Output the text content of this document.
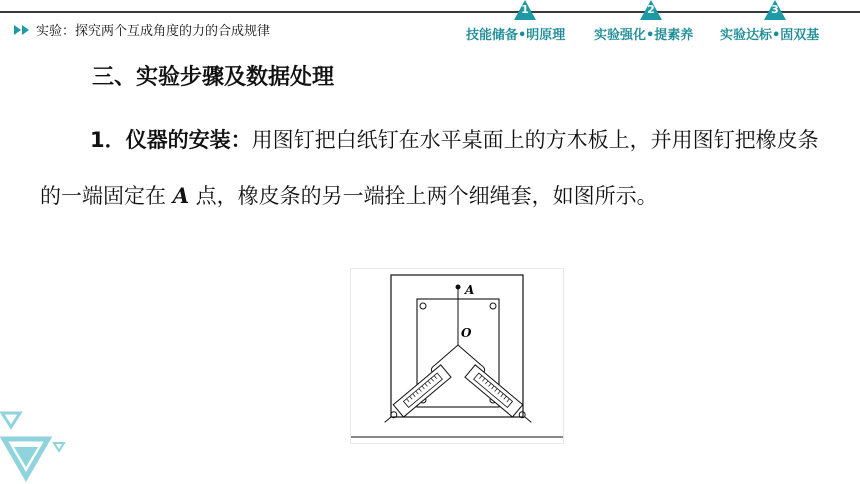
实验：探究两个互成角度的力的合成规律
1
技能储备•明原理
2
实验强化•提素养
3
实验达标•固双基
三、实验步骤及数据处理
1．仪器的安装：用图钉把白纸钉在水平桌面上的方木板上，并用图钉把橡皮条的一端固定在 A 点，橡皮条的另一端拴上两个细绳套，如图所示。
A
O
